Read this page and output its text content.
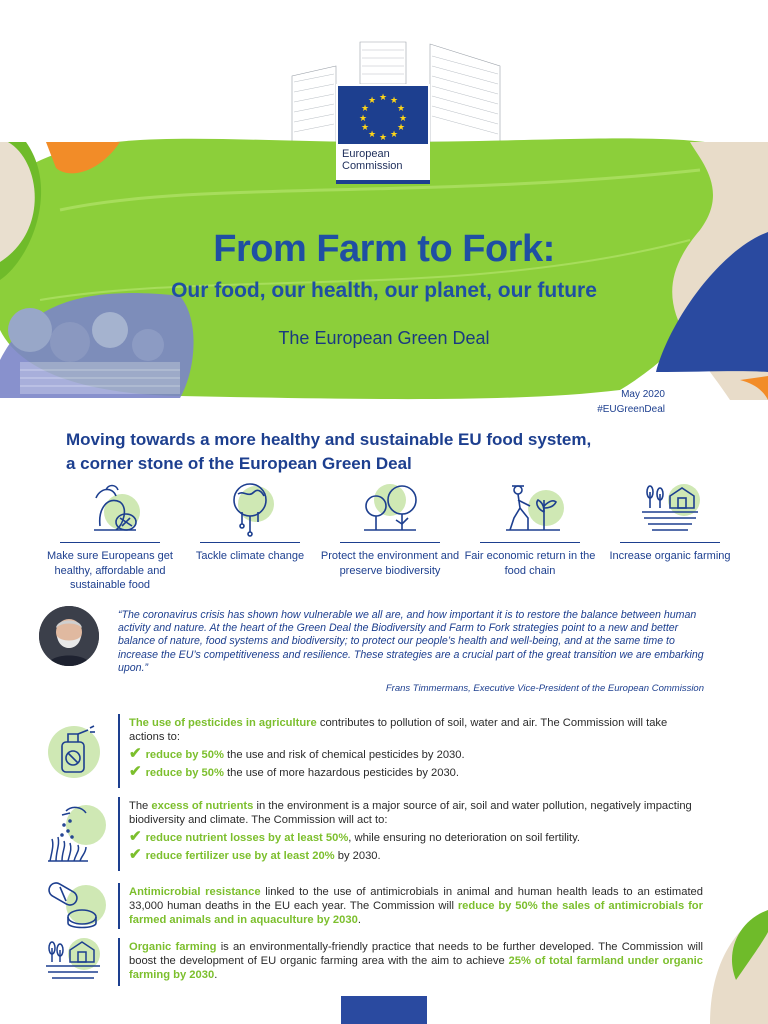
★ ★
★
★
★
★
★
★
★
★
★
★
European
Commission
From Farm to Fork:
Our food, our health, our planet, our future
The European Green Deal
May 2020
#EUGreenDeal
Moving towards a more healthy and sustainable EU food system,
a corner stone of the European Green Deal
Make sure Europeans get healthy, affordable and sustainable food
Tackle climate change	Protect the environment and preserve biodiversity
Fair economic return in the food chain
Increase organic farming
“The coronavirus crisis has shown how vulnerable we all are, and how important it is to restore the balance between human activity and nature. At the heart of the Green Deal the Biodiversity and Farm to Fork strategies point to a new and better balance of nature, food systems and biodiversity; to protect our people’s health and well-being, and at the same time to increase the EU’s competitiveness and resilience. These strategies are a crucial part of the great transition we are embarking upon.”
Frans Timmermans, Executive Vice-President of the European Commission

The use of pesticides in agriculture contributes to pollution of soil, water and air. The Commission will take actions to:

✔ reduce by 50% the use and risk of chemical pesticides by 2030.

✔ reduce by 50% the use of more hazardous pesticides by 2030.

The excess of nutrients in the environment is a major source of air, soil and water pollution, negatively impacting biodiversity and climate. The Commission will act to:

✔ reduce nutrient losses by at least 50%, while ensuring no deterioration on soil fertility.

✔ reduce fertilizer use by at least 20% by 2030.

Antimicrobial resistance linked to the use of antimicrobials in animal and human health leads to an estimated 33,000 human deaths in the EU each year. The Commission will reduce by 50% the sales of antimicrobials for farmed animals and in aquaculture by 2030.

Organic farming is an environmentally-friendly practice that needs to be further developed. The Commission will boost the development of EU organic farming area with the aim to achieve 25% of total farmland under organic farming by 2030.
